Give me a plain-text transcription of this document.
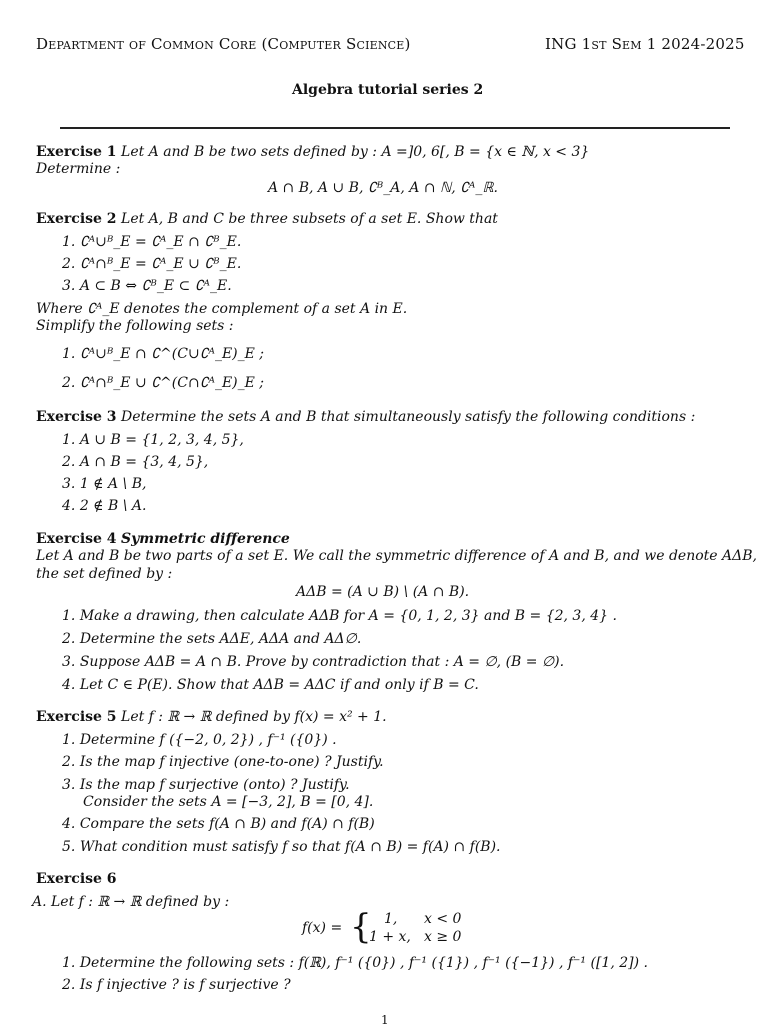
Department of Common Core (Computer Science)	ING 1st Sem 1 2024-2025
Algebra tutorial series 2
Exercise 1 Let A and B be two sets defined by : A =]0, 6[, B = {x ∈ ℕ, x < 3}
Determine :
A ∩ B, A ∪ B, ∁ᴮ_A, A ∩ ℕ, ∁ᴬ_ℝ.
Exercise 2 Let A, B and C be three subsets of a set E. Show that
1. ∁ᴬ∪ᴮ_E = ∁ᴬ_E ∩ ∁ᴮ_E.
2. ∁ᴬ∩ᴮ_E = ∁ᴬ_E ∪ ∁ᴮ_E.
3. A ⊂ B ⇔ ∁ᴮ_E ⊂ ∁ᴬ_E.
Where ∁ᴬ_E denotes the complement of a set A in E.
Simplify the following sets :
1. ∁ᴬ∪ᴮ_E ∩ ∁^(C∪∁ᴬ_E)_E ;
2. ∁ᴬ∩ᴮ_E ∪ ∁^(C∩∁ᴬ_E)_E ;
Exercise 3 Determine the sets A and B that simultaneously satisfy the following conditions :
1. A ∪ B = {1, 2, 3, 4, 5},
2. A ∩ B = {3, 4, 5},
3. 1 ∉ A \ B,
4. 2 ∉ B \ A.
Exercise 4 Symmetric difference
Let A and B be two parts of a set E. We call the symmetric difference of A and B, and we denote AΔB,
the set defined by :
AΔB = (A ∪ B) \ (A ∩ B).
1. Make a drawing, then calculate AΔB for A = {0, 1, 2, 3} and B = {2, 3, 4} .
2. Determine the sets AΔE, AΔA and AΔ∅.
3. Suppose AΔB = A ∩ B. Prove by contradiction that : A = ∅, (B = ∅).
4. Let C ∈ P(E). Show that AΔB = AΔC if and only if B = C.
Exercise 5 Let f : ℝ → ℝ defined by f(x) = x² + 1.
1. Determine f ({−2, 0, 2}) , f⁻¹ ({0}) .
2. Is the map f injective (one-to-one) ? Justify.
3. Is the map f surjective (onto) ? Justify.
Consider the sets A = [−3, 2], B = [0, 4].
4. Compare the sets f(A ∩ B) and f(A) ∩ f(B)
5. What condition must satisfy f so that f(A ∩ B) = f(A) ∩ f(B).
Exercise 6
A. Let f : ℝ → ℝ defined by :
f(x) = { 1, x < 0
1 + x, x ≥ 0
1. Determine the following sets : f(ℝ), f⁻¹ ({0}) , f⁻¹ ({1}) , f⁻¹ ({−1}) , f⁻¹ ([1, 2]) .
2. Is f injective ? is f surjective ?
1
